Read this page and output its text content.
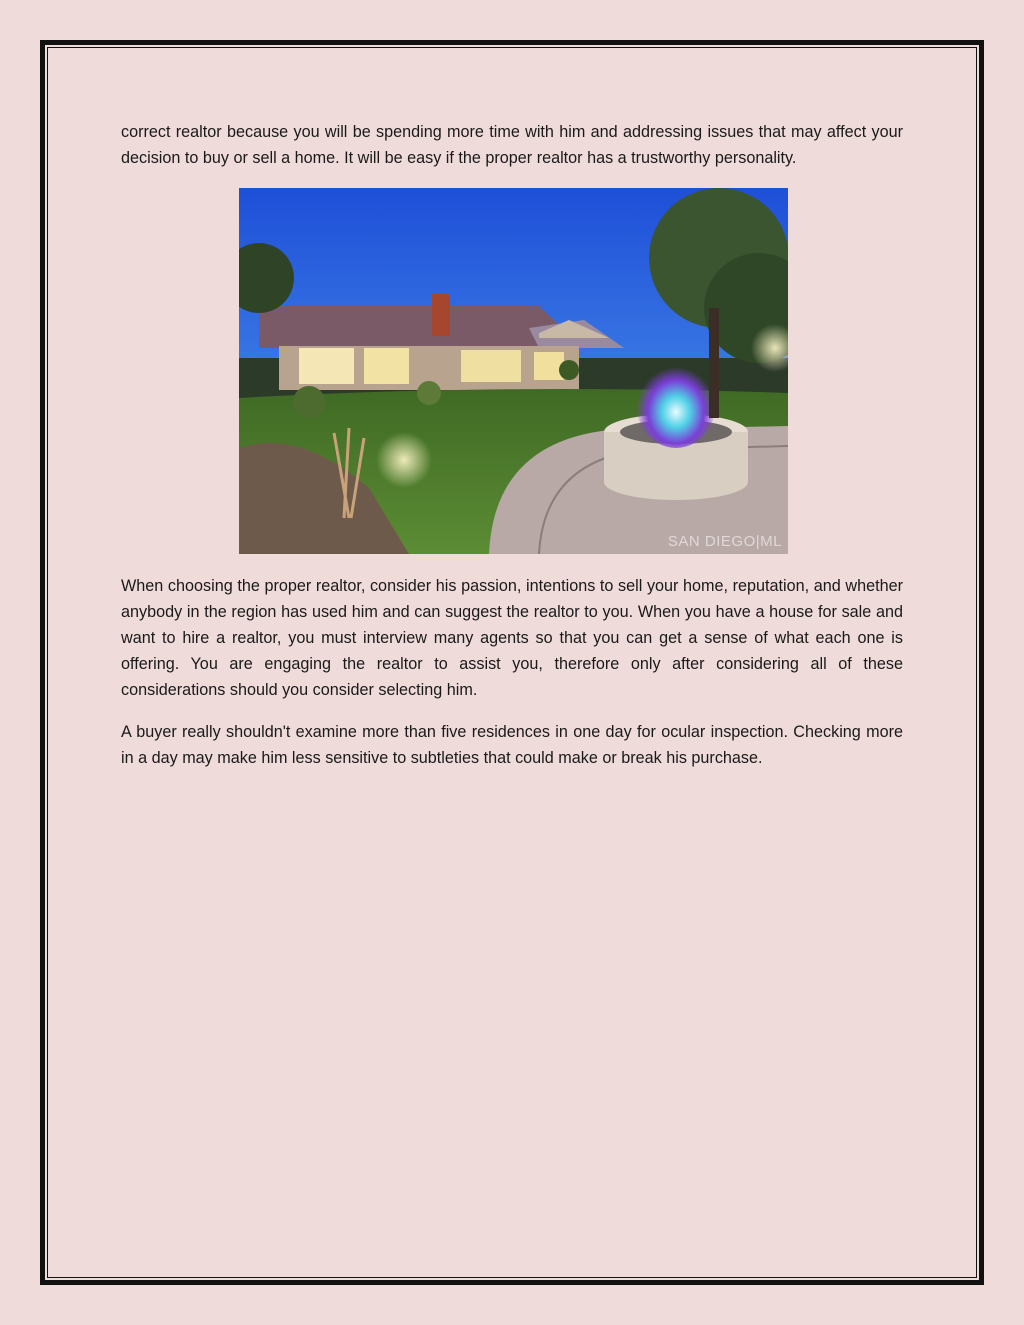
correct realtor because you will be spending more time with him and addressing issues that may affect your decision to buy or sell a home. It will be easy if the proper realtor has a trustworthy personality.

SAN DIEGO|ML

When choosing the proper realtor, consider his passion, intentions to sell your home, reputation, and whether anybody in the region has used him and can suggest the realtor to you. When you have a house for sale and want to hire a realtor, you must interview many agents so that you can get a sense of what each one is offering. You are engaging the realtor to assist you, therefore only after considering all of these considerations should you consider selecting him.

A buyer really shouldn't examine more than five residences in one day for ocular inspection. Checking more in a day may make him less sensitive to subtleties that could make or break his purchase.
